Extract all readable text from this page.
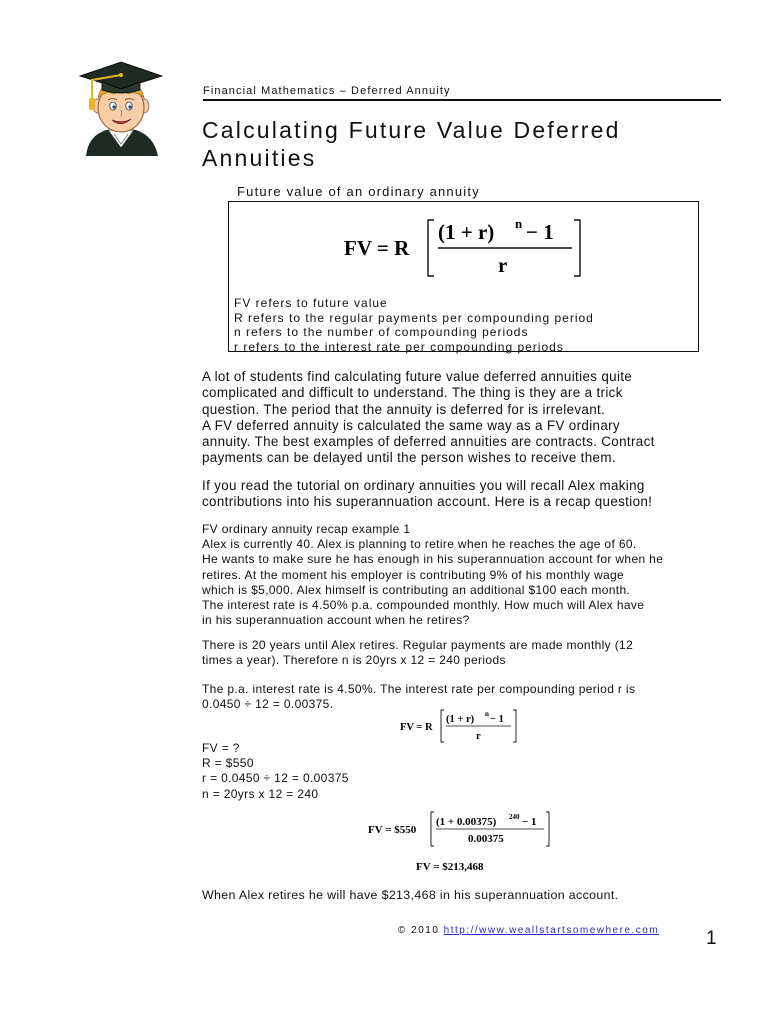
Financial Mathematics – Deferred Annuity
Calculating Future Value Deferred
Annuities
Future value of an ordinary annuity
FV = R
(1 + r) n − 1
r
FV refers to future value
R refers to the regular payments per compounding period
n refers to the number of compounding periods
r refers to the interest rate per compounding periods
A lot of students find calculating future value deferred annuities quite
complicated and difficult to understand. The thing is they are a trick
question. The period that the annuity is deferred for is irrelevant.
A FV deferred annuity is calculated the same way as a FV ordinary
annuity. The best examples of deferred annuities are contracts. Contract
payments can be delayed until the person wishes to receive them.
If you read the tutorial on ordinary annuities you will recall Alex making
contributions into his superannuation account. Here is a recap question!
FV ordinary annuity recap example 1
Alex is currently 40. Alex is planning to retire when he reaches the age of 60.
He wants to make sure he has enough in his superannuation account for when he
retires. At the moment his employer is contributing 9% of his monthly wage
which is $5,000. Alex himself is contributing an additional $100 each month.
The interest rate is 4.50% p.a. compounded monthly. How much will Alex have
in his superannuation account when he retires?
There is 20 years until Alex retires. Regular payments are made monthly (12
times a year). Therefore n is 20yrs x 12 = 240 periods
The p.a. interest rate is 4.50%. The interest rate per compounding period r is
0.0450 ÷ 12 = 0.00375.
FV = R
(1 + r) n − 1
r
FV = ?
R = $550
r = 0.0450 ÷ 12 = 0.00375
n = 20yrs x 12 = 240
FV = $550
(1 + 0.00375) 240 − 1
0.00375
FV = $213,468
When Alex retires he will have $213,468 in his superannuation account.
© 2010 http://www.weallstartsomewhere.com 1
